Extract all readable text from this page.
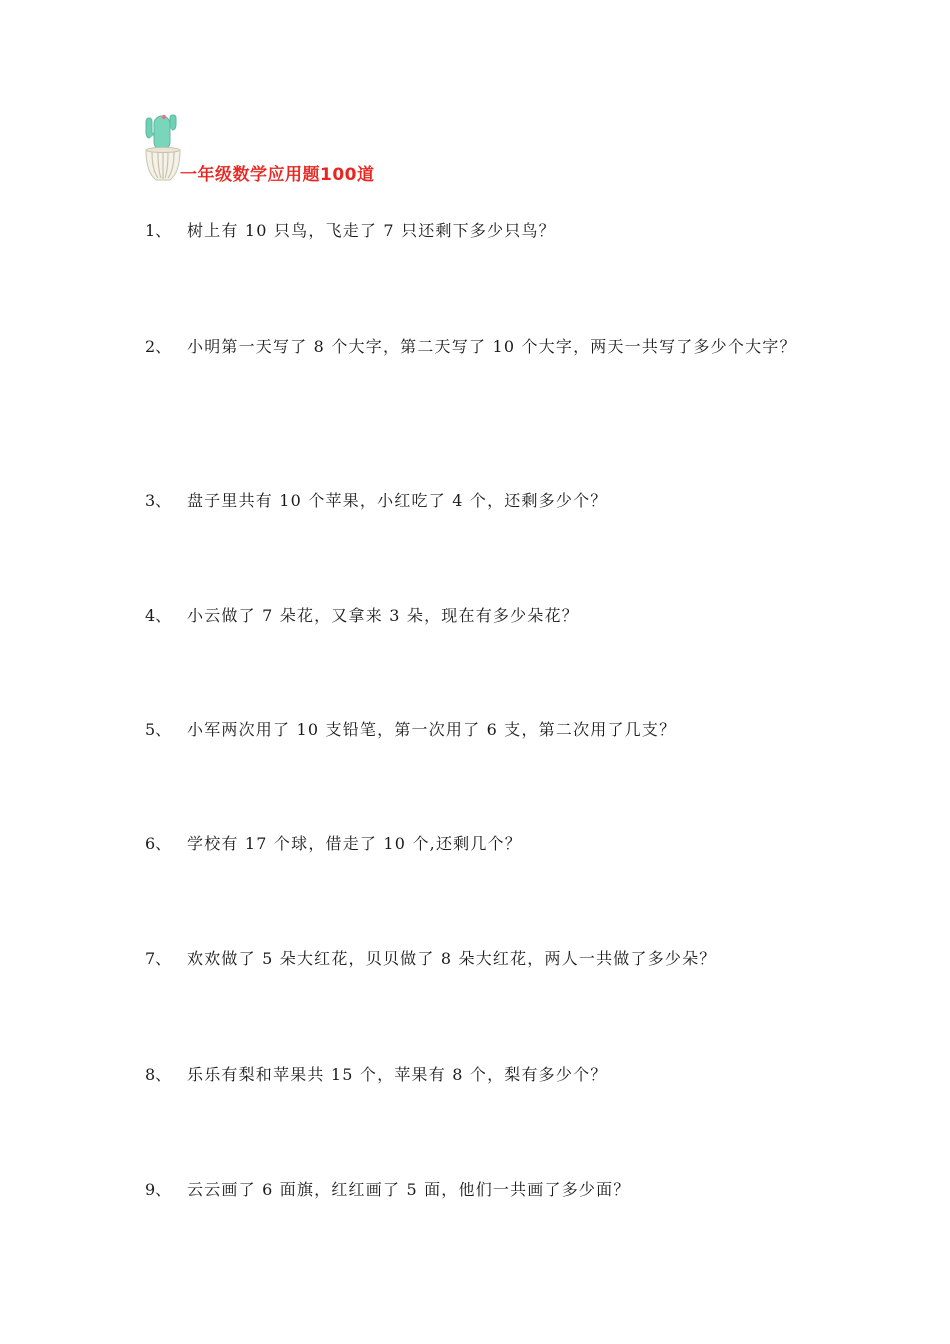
一年级数学应用题100道
1、 树上有 10 只鸟，飞走了 7 只还剩下多少只鸟？
2、 小明第一天写了 8 个大字，第二天写了 10 个大字，两天一共写了多少个大字？
3、 盘子里共有 10 个苹果，小红吃了 4 个，还剩多少个？
4、 小云做了 7 朵花，又拿来 3 朵，现在有多少朵花？
5、 小军两次用了 10 支铅笔，第一次用了 6 支，第二次用了几支？
6、 学校有 17 个球，借走了 10 个,还剩几个？
7、 欢欢做了 5 朵大红花，贝贝做了 8 朵大红花，两人一共做了多少朵？
8、 乐乐有梨和苹果共 15 个，苹果有 8 个，梨有多少个？
9、 云云画了 6 面旗，红红画了 5 面，他们一共画了多少面？
